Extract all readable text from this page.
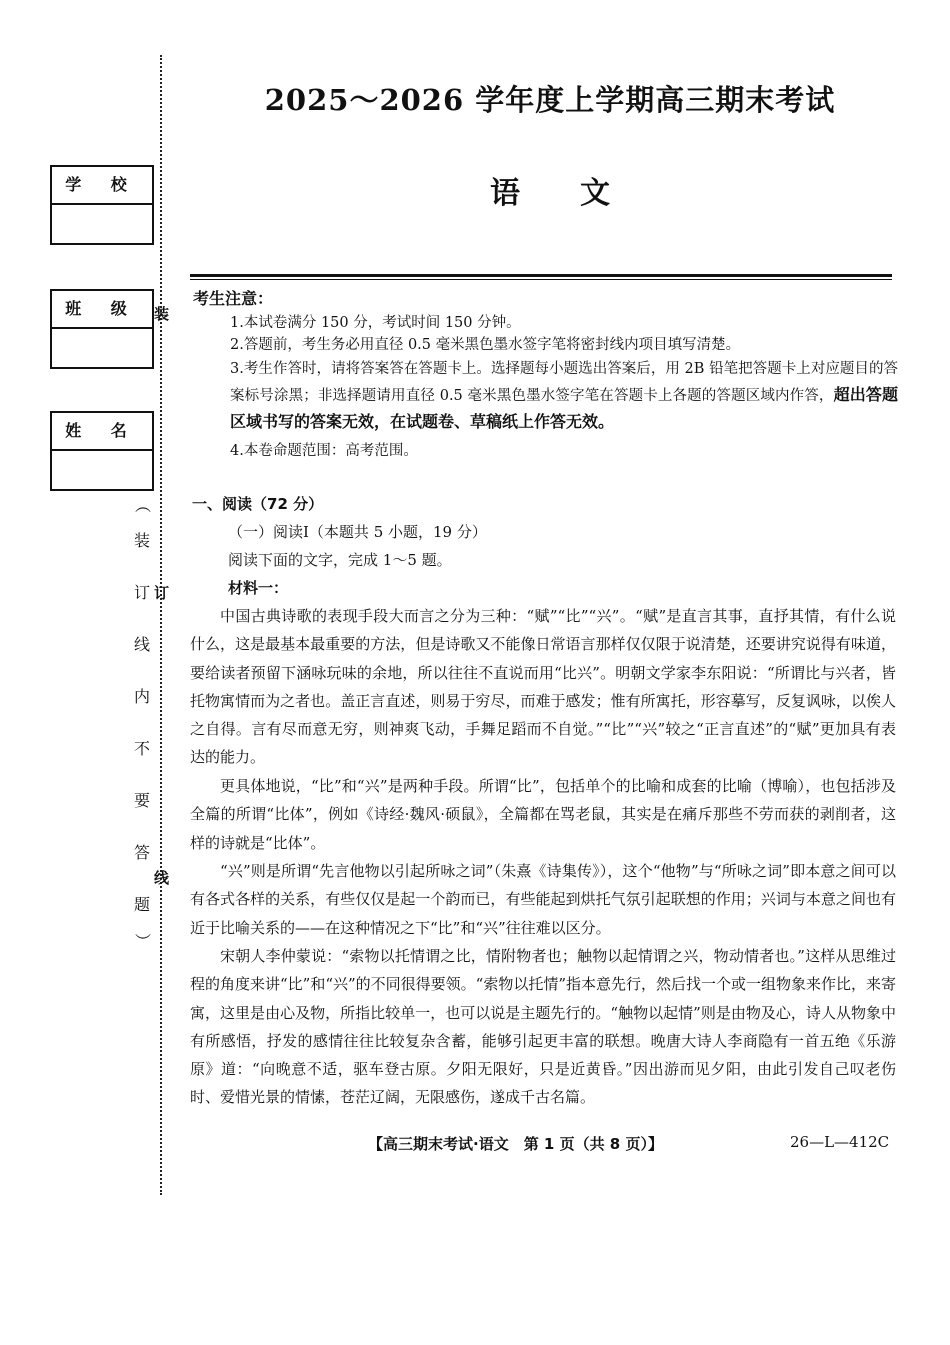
学 校
班 级
姓 名
装
订
线
（
装
订
线
内
不
要
答
题
）
2025～2026 学年度上学期高三期末考试
语文
考生注意：
1.本试卷满分 150 分，考试时间 150 分钟。
2.答题前，考生务必用直径 0.5 毫米黑色墨水签字笔将密封线内项目填写清楚。
3.考生作答时，请将答案答在答题卡上。选择题每小题选出答案后，用 2B 铅笔把答题卡上对应题目的答案标号涂黑；非选择题请用直径 0.5 毫米黑色墨水签字笔在答题卡上各题的答题区域内作答，超出答题区域书写的答案无效，在试题卷、草稿纸上作答无效。
4.本卷命题范围：高考范围。
一、阅读（72 分）
（一）阅读Ⅰ（本题共 5 小题，19 分）
阅读下面的文字，完成 1～5 题。
材料一：

中国古典诗歌的表现手段大而言之分为三种：“赋”“比”“兴”。“赋”是直言其事，直抒其情，有什么说什么，这是最基本最重要的方法，但是诗歌又不能像日常语言那样仅仅限于说清楚，还要讲究说得有味道，要给读者预留下涵咏玩味的余地，所以往往不直说而用“比兴”。明朝文学家李东阳说：“所谓比与兴者，皆托物寓情而为之者也。盖正言直述，则易于穷尽，而难于感发；惟有所寓托，形容摹写，反复讽咏，以俟人之自得。言有尽而意无穷，则神爽飞动，手舞足蹈而不自觉。”“比”“兴”较之“正言直述”的“赋”更加具有表达的能力。

更具体地说，“比”和“兴”是两种手段。所谓“比”，包括单个的比喻和成套的比喻（博喻），也包括涉及全篇的所谓“比体”，例如《诗经·魏风·硕鼠》，全篇都在骂老鼠，其实是在痛斥那些不劳而获的剥削者，这样的诗就是“比体”。

“兴”则是所谓“先言他物以引起所咏之词”（朱熹《诗集传》），这个“他物”与“所咏之词”即本意之间可以有各式各样的关系，有些仅仅是起一个韵而已，有些能起到烘托气氛引起联想的作用；兴词与本意之间也有近于比喻关系的——在这种情况之下“比”和“兴”往往难以区分。

宋朝人李仲蒙说：“索物以托情谓之比，情附物者也；触物以起情谓之兴，物动情者也。”这样从思维过程的角度来讲“比”和“兴”的不同很得要领。“索物以托情”指本意先行，然后找一个或一组物象来作比，来寄寓，这里是由心及物，所指比较单一，也可以说是主题先行的。“触物以起情”则是由物及心，诗人从物象中有所感悟，抒发的感情往往比较复杂含蓄，能够引起更丰富的联想。晚唐大诗人李商隐有一首五绝《乐游原》道：“向晚意不适，驱车登古原。夕阳无限好，只是近黄昏。”因出游而见夕阳，由此引发自己叹老伤时、爱惜光景的情愫，苍茫辽阔，无限感伤，遂成千古名篇。

【高三期末考试·语文　第 1 页（共 8 页）】	26—L—412C
